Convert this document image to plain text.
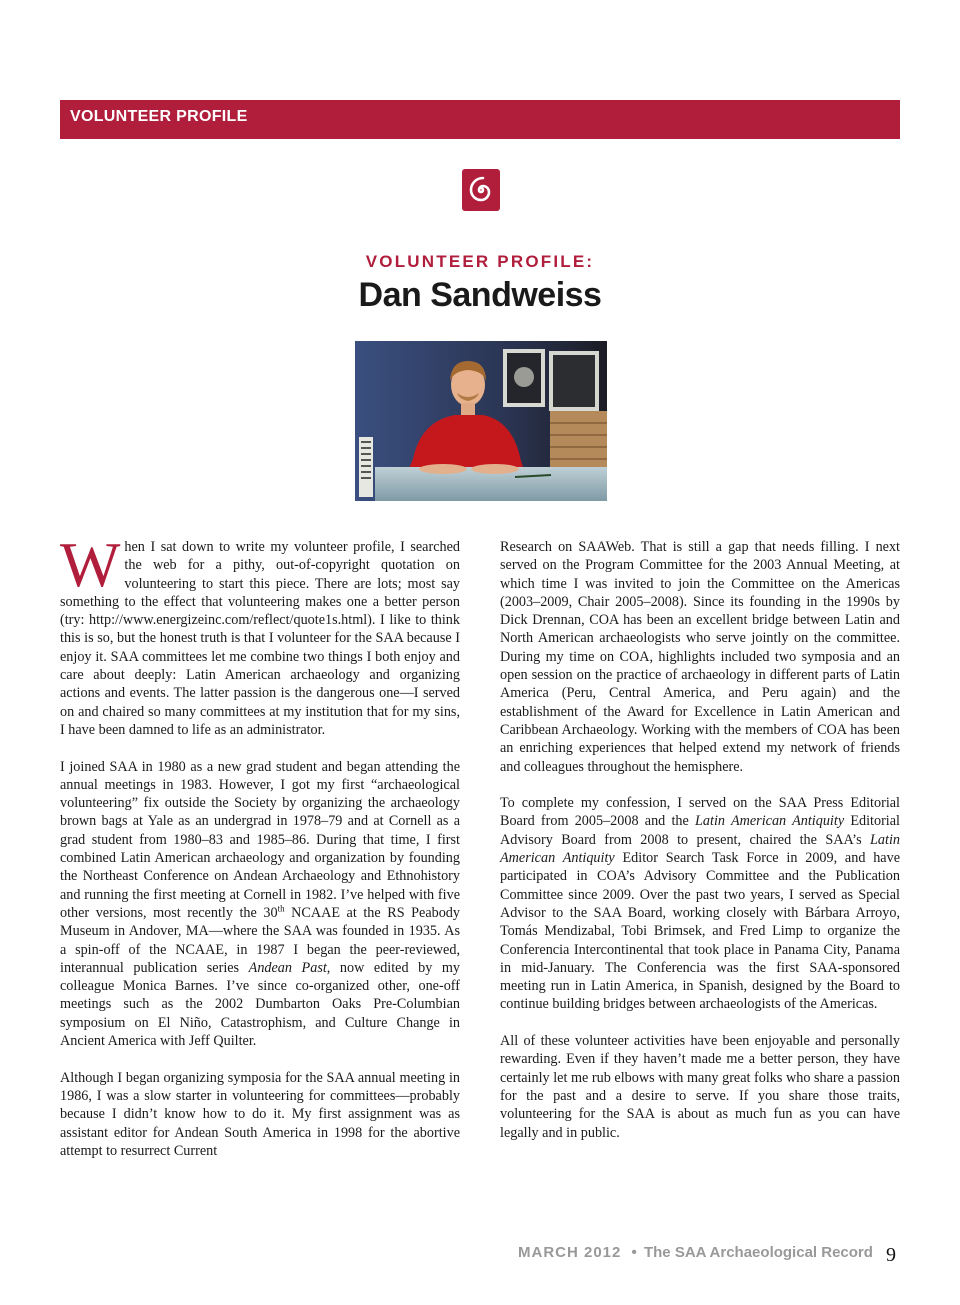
VOLUNTEER PROFILE
VOLUNTEER PROFILE:
Dan Sandweiss

When I sat down to write my volunteer profile, I searched the web for a pithy, out-of-copyright quotation on volunteering to start this piece. There are lots; most say something to the effect that volunteering makes one a better person (try: http://www.energizeinc.com/reflect/quote1s.html). I like to think this is so, but the honest truth is that I volunteer for the SAA because I enjoy it. SAA committees let me combine two things I both enjoy and care about deeply: Latin American archaeology and organizing actions and events. The latter passion is the dangerous one—I served on and chaired so many committees at my institution that for my sins, I have been damned to life as an administrator.

I joined SAA in 1980 as a new grad student and began attending the annual meetings in 1983. However, I got my first “archaeological volunteering” fix outside the Society by organizing the archaeology brown bags at Yale as an undergrad in 1978–79 and at Cornell as a grad student from 1980–83 and 1985–86. During that time, I first combined Latin American archaeology and organization by founding the Northeast Conference on Andean Archaeology and Ethnohistory and running the first meeting at Cornell in 1982. I’ve helped with five other versions, most recently the 30th NCAAE at the RS Peabody Museum in Andover, MA—where the SAA was founded in 1935. As a spin-off of the NCAAE, in 1987 I began the peer-reviewed, interannual publication series Andean Past, now edited by my colleague Monica Barnes. I’ve since co-organized other, one-off meetings such as the 2002 Dumbarton Oaks Pre-Columbian symposium on El Niño, Catastrophism, and Culture Change in Ancient America with Jeff Quilter.

Although I began organizing symposia for the SAA annual meeting in 1986, I was a slow starter in volunteering for committees—probably because I didn’t know how to do it. My first assignment was as assistant editor for Andean South America in 1998 for the abortive attempt to resurrect Current

Research on SAAWeb. That is still a gap that needs filling. I next served on the Program Committee for the 2003 Annual Meeting, at which time I was invited to join the Committee on the Americas (2003–2009, Chair 2005–2008). Since its founding in the 1990s by Dick Drennan, COA has been an excellent bridge between Latin and North American archaeologists who serve jointly on the committee. During my time on COA, highlights included two symposia and an open session on the practice of archaeology in different parts of Latin America (Peru, Central America, and Peru again) and the establishment of the Award for Excellence in Latin American and Caribbean Archaeology. Working with the members of COA has been an enriching experiences that helped extend my network of friends and colleagues throughout the hemisphere.

To complete my confession, I served on the SAA Press Editorial Board from 2005–2008 and the Latin American Antiquity Editorial Advisory Board from 2008 to present, chaired the SAA’s Latin American Antiquity Editor Search Task Force in 2009, and have participated in COA’s Advisory Committee and the Publication Committee since 2009. Over the past two years, I served as Special Advisor to the SAA Board, working closely with Bárbara Arroyo, Tomás Mendizabal, Tobi Brimsek, and Fred Limp to organize the Conferencia Intercontinental that took place in Panama City, Panama in mid-January. The Conferencia was the first SAA-sponsored meeting run in Latin America, in Spanish, designed by the Board to continue building bridges between archaeologists of the Americas.

All of these volunteer activities have been enjoyable and personally rewarding. Even if they haven’t made me a better person, they have certainly let me rub elbows with many great folks who share a passion for the past and a desire to serve. If you share those traits, volunteering for the SAA is about as much fun as you can have legally and in public.

MARCH 2012 • The SAA Archaeological Record 9
